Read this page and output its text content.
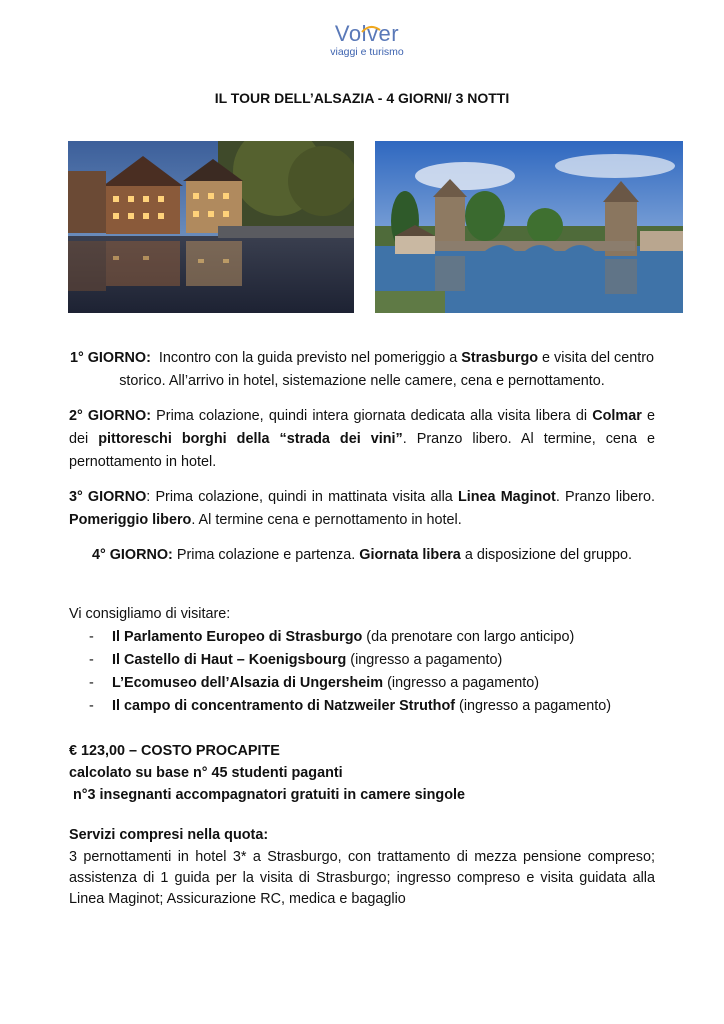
Volver
viaggi e turismo
IL TOUR DELL’ALSAZIA - 4 GIORNI/ 3 NOTTI

1° GIORNO:  Incontro con la guida previsto nel pomeriggio a Strasburgo e visita del centro storico. All’arrivo in hotel, sistemazione nelle camere, cena e pernottamento.

2° GIORNO: Prima colazione, quindi intera giornata dedicata alla visita libera di Colmar e dei pittoreschi borghi della “strada dei vini”. Pranzo libero. Al termine, cena e pernottamento in hotel.

3° GIORNO: Prima colazione, quindi in mattinata visita alla Linea Maginot. Pranzo libero. Pomeriggio libero. Al termine cena e pernottamento in hotel.

4° GIORNO: Prima colazione e partenza. Giornata libera a disposizione del gruppo.

Vi consigliamo di visitare:

- Il Parlamento Europeo di Strasburgo (da prenotare con largo anticipo)
- Il Castello di Haut – Koenigsbourg (ingresso a pagamento)
- L’Ecomuseo dell’Alsazia di Ungersheim (ingresso a pagamento)
- Il campo di concentramento di Natzweiler Struthof (ingresso a pagamento)
€ 123,00 – COSTO PROCAPITE
calcolato su base n° 45 studenti paganti
n°3 insegnanti accompagnatori gratuiti in camere singole
Servizi compresi nella quota:
3 pernottamenti in hotel 3* a Strasburgo, con trattamento di mezza pensione compreso; assistenza di 1 guida per la visita di Strasburgo; ingresso compreso e visita guidata alla Linea Maginot; Assicurazione RC, medica e bagaglio
